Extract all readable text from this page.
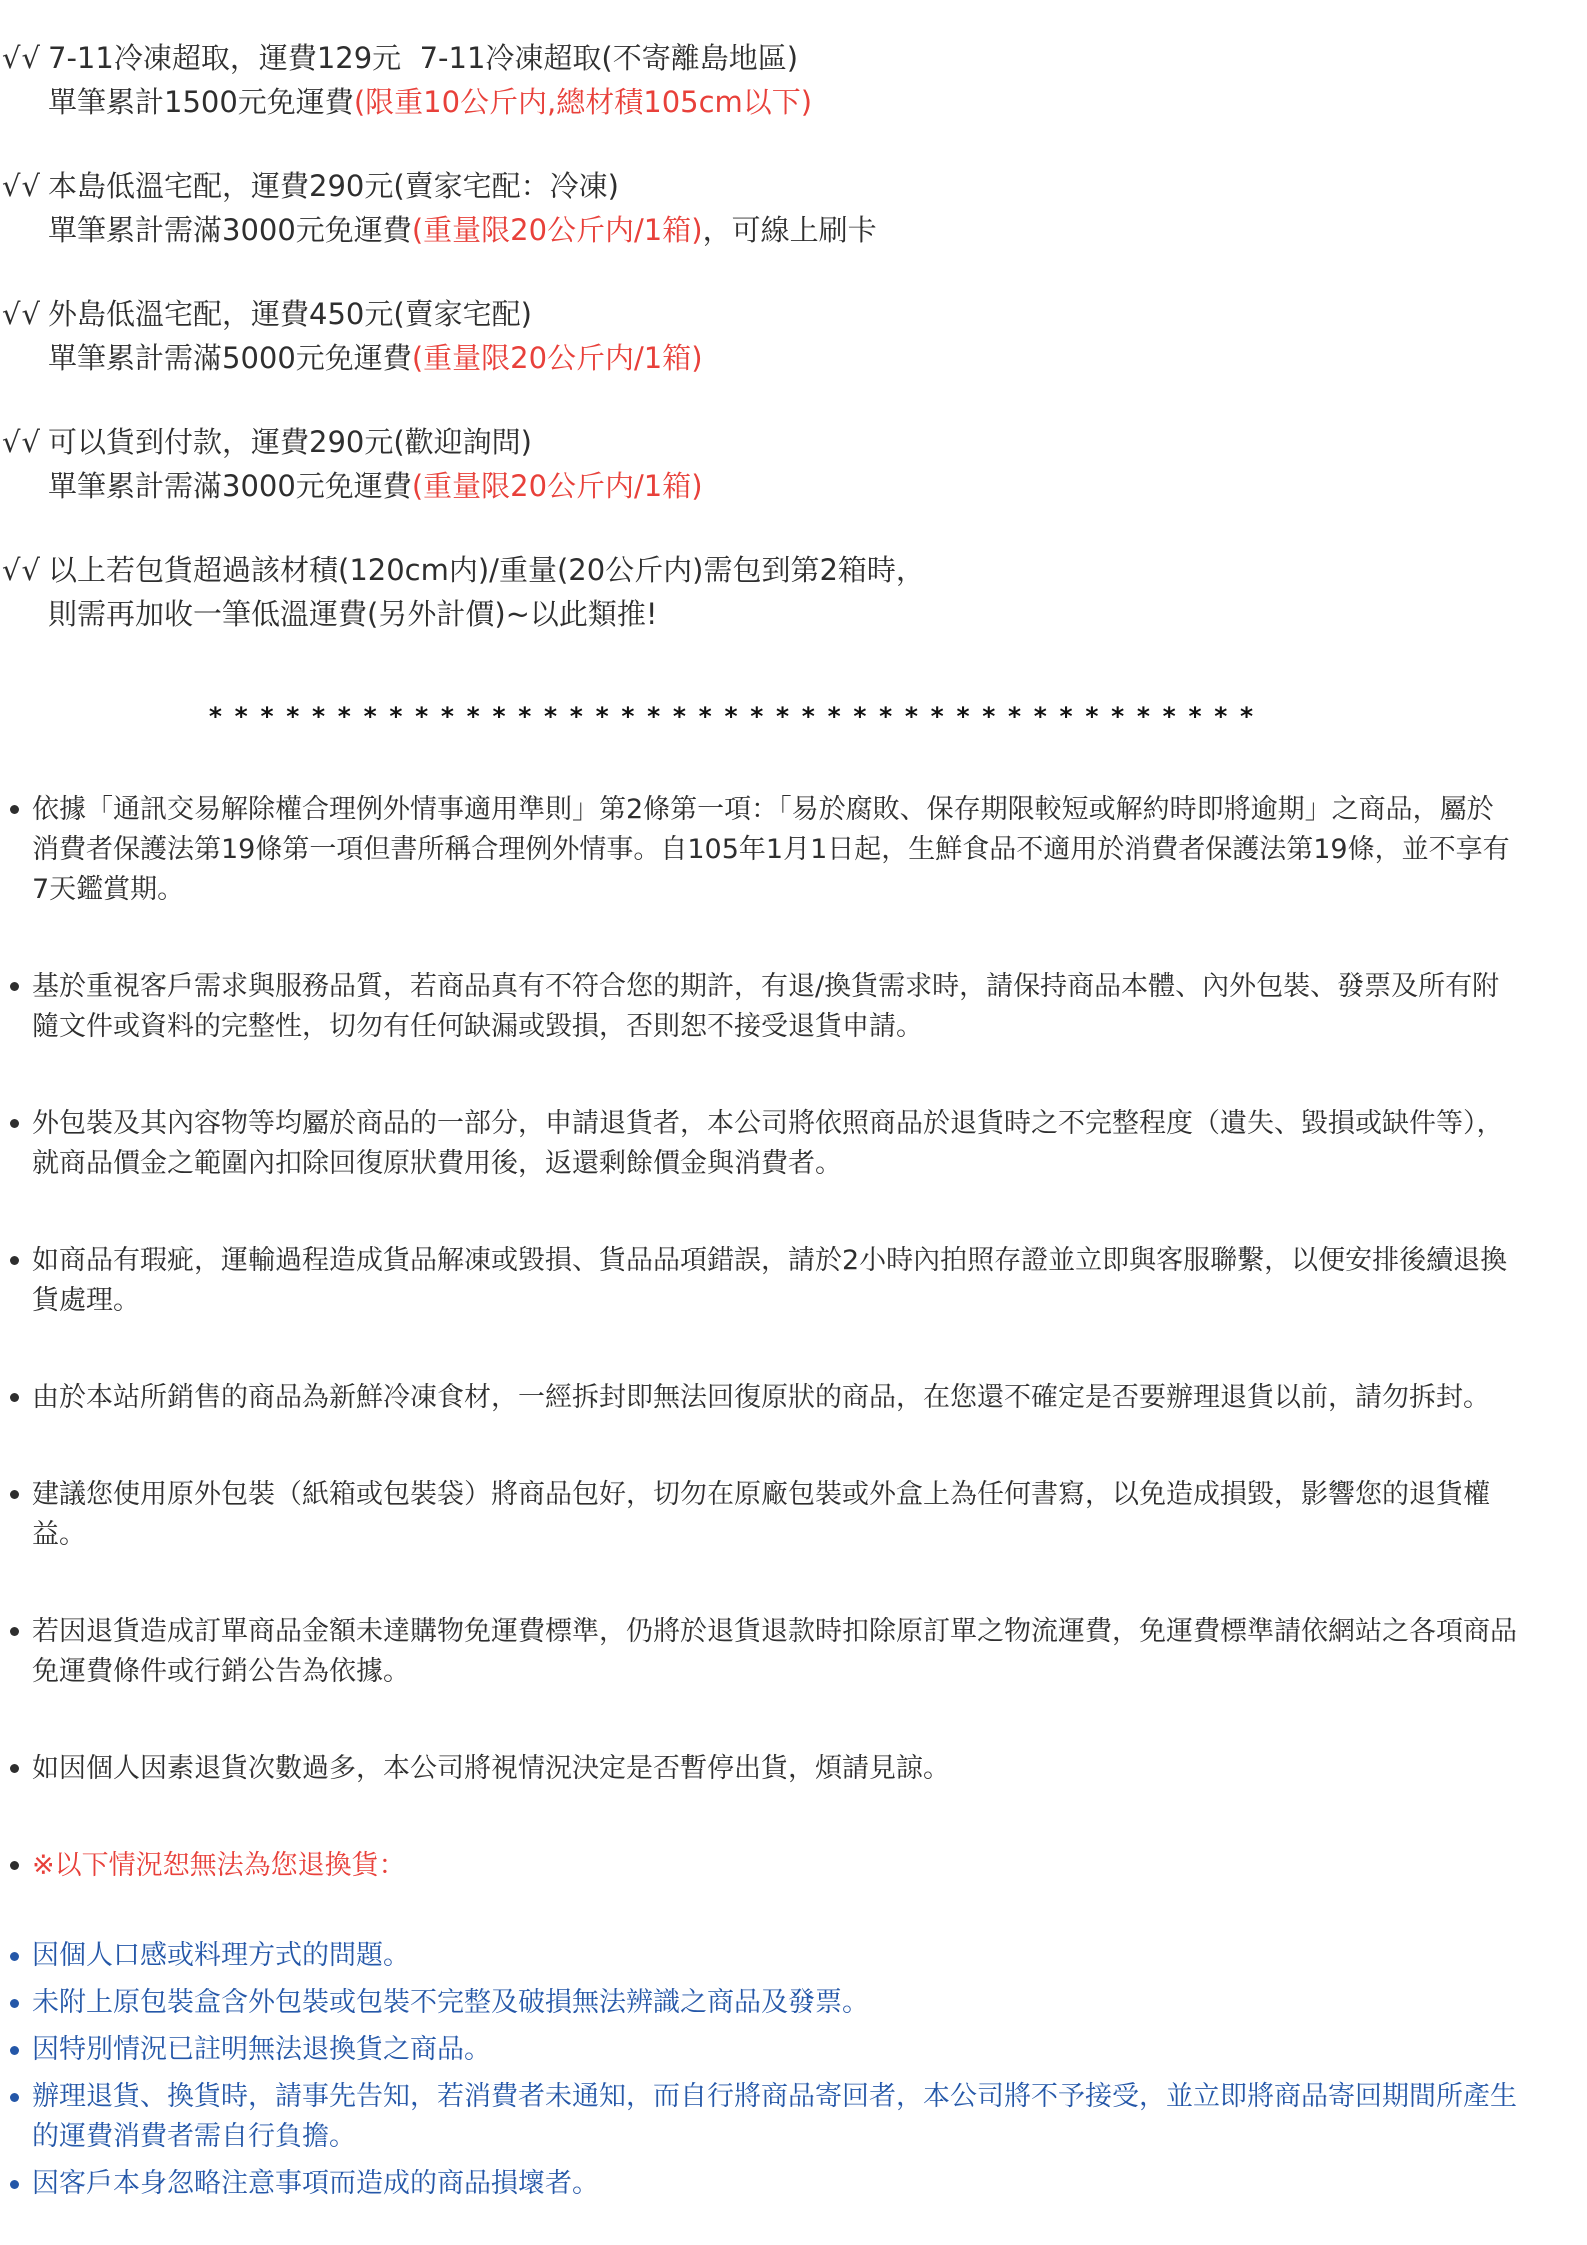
√√ 7-11冷凍超取，運費129元  7-11冷凍超取(不寄離島地區)
單筆累計1500元免運費(限重10公斤内,總材積105cm以下)
√√ 本島低溫宅配，運費290元(賣家宅配：冷凍)
單筆累計需滿3000元免運費(重量限20公斤内/1箱)，可線上刷卡
√√ 外島低溫宅配，運費450元(賣家宅配)
單筆累計需滿5000元免運費(重量限20公斤内/1箱)
√√ 可以貨到付款，運費290元(歡迎詢問)
單筆累計需滿3000元免運費(重量限20公斤内/1箱)
√√ 以上若包貨超過該材積(120cm内)/重量(20公斤内)需包到第2箱時，
則需再加收一筆低溫運費(另外計價)~以此類推!
* * * * * * * * * * * * * * * * * * * * * * * * * * * * * * * * * * * * * * * * *
依據「通訊交易解除權合理例外情事適用準則」第2條第一項：「易於腐敗、保存期限較短或解約時即將逾期」之商品，屬於消費者保護法第19條第一項但書所稱合理例外情事。自105年1月1日起，生鮮食品不適用於消費者保護法第19條，並不享有7天鑑賞期。
基於重視客戶需求與服務品質，若商品真有不符合您的期許，有退/換貨需求時，請保持商品本體、內外包裝、發票及所有附隨文件或資料的完整性，切勿有任何缺漏或毀損，否則恕不接受退貨申請。
外包裝及其內容物等均屬於商品的一部分，申請退貨者，本公司將依照商品於退貨時之不完整程度（遺失、毀損或缺件等），就商品價金之範圍內扣除回復原狀費用後，返還剩餘價金與消費者。
如商品有瑕疵，運輸過程造成貨品解凍或毀損、貨品品項錯誤，請於2小時內拍照存證並立即與客服聯繫，以便安排後續退換貨處理。
由於本站所銷售的商品為新鮮冷凍食材，一經拆封即無法回復原狀的商品，在您還不確定是否要辦理退貨以前，請勿拆封。
建議您使用原外包裝（紙箱或包裝袋）將商品包好，切勿在原廠包裝或外盒上為任何書寫，以免造成損毀，影響您的退貨權益。
若因退貨造成訂單商品金額未達購物免運費標準，仍將於退貨退款時扣除原訂單之物流運費，免運費標準請依網站之各項商品免運費條件或行銷公告為依據。
如因個人因素退貨次數過多，本公司將視情況決定是否暫停出貨，煩請見諒。
※以下情況恕無法為您退換貨：
因個人口感或料理方式的問題。
未附上原包裝盒含外包裝或包裝不完整及破損無法辨識之商品及發票。
因特別情況已註明無法退換貨之商品。
辦理退貨、換貨時，請事先告知，若消費者未通知，而自行將商品寄回者，本公司將不予接受，並立即將商品寄回期間所產生的運費消費者需自行負擔。
因客戶本身忽略注意事項而造成的商品損壞者。
